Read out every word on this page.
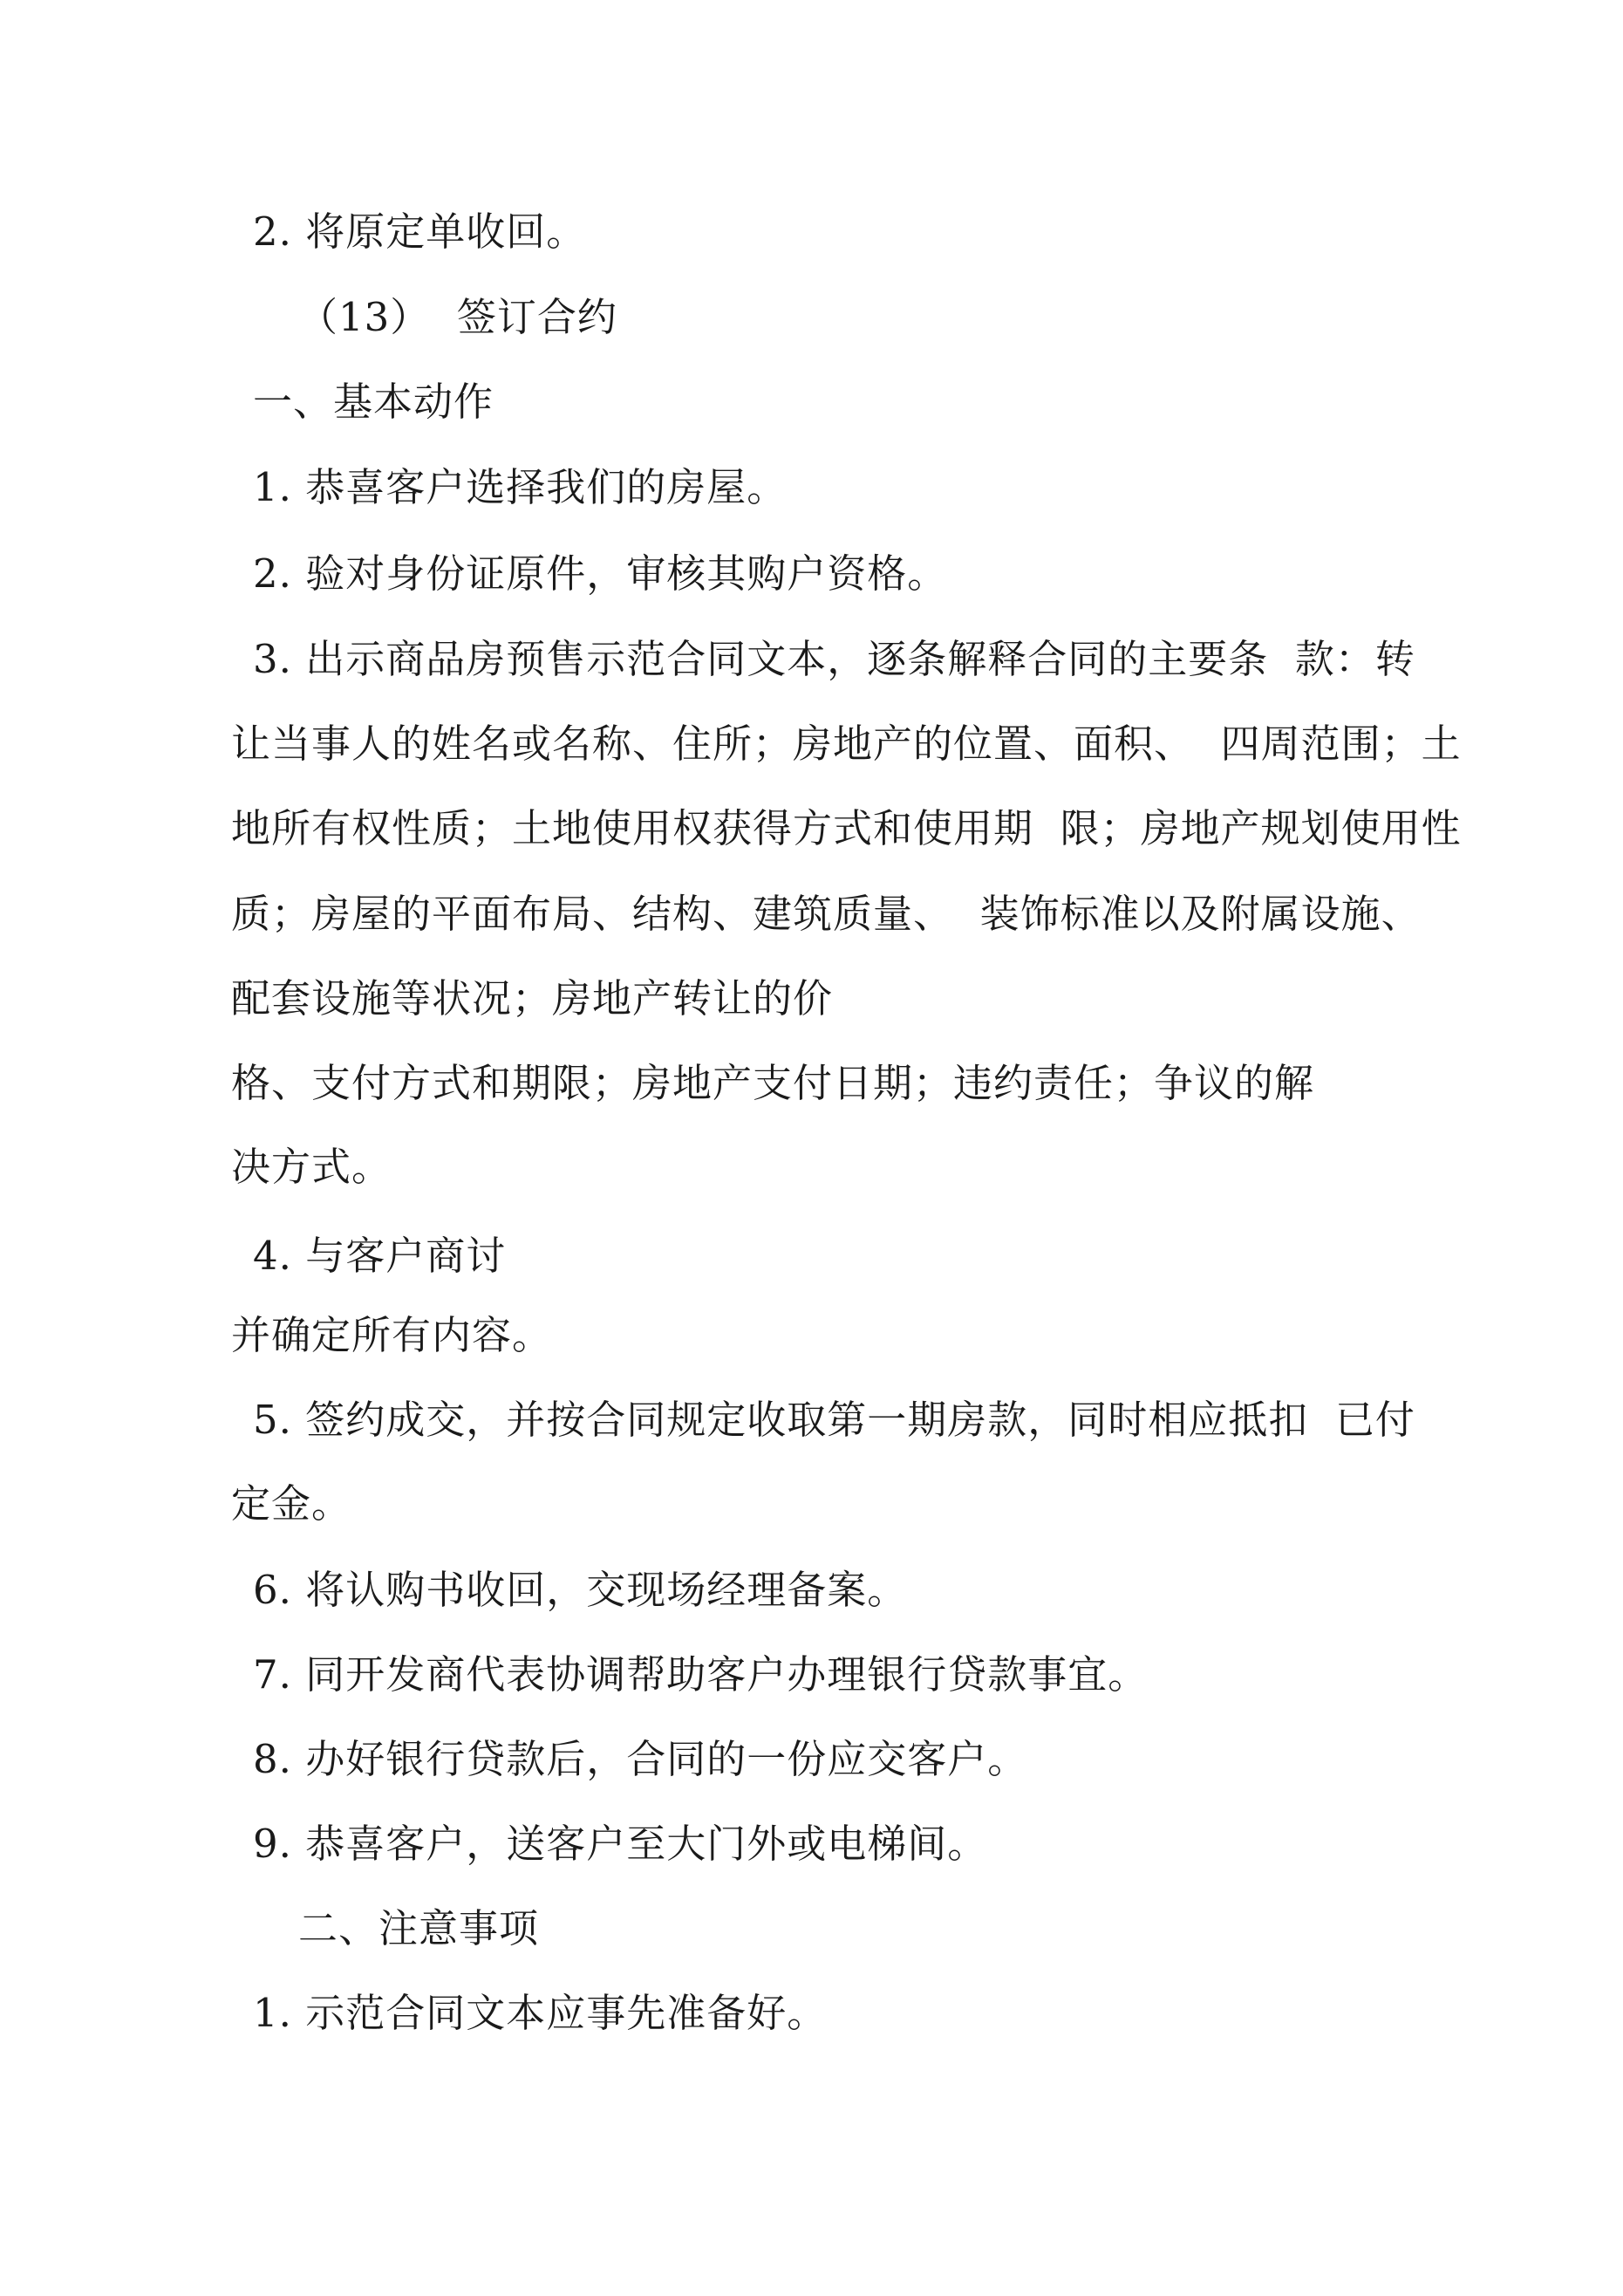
2. 将原定单收回。
（13）  签订合约
一、基本动作
1. 恭喜客户选择我们的房屋。
2. 验对身份证原件，审核其购户资格。
3. 出示商品房预售示范合同文本，逐条解释合同的主要条  款：转
让当事人的姓名或名称、住所；房地产的位置、面积、  四周范围；土
地所有权性质；土地使用权获得方式和使用期  限；房地产规划使用性
质；房屋的平面布局、结构、建筑质量、  装饰标准以及附属设施、
配套设施等状况；房地产转让的价
格、支付方式和期限；房地产支付日期；违约责任；争议的解
决方式。
4. 与客户商讨
并确定所有内容。
5. 签约成交，并按合同规定收取第一期房款，同时相应抵扣  已付
定金。
6. 将认购书收回，交现场经理备案。
7. 同开发商代表协调帮助客户办理银行贷款事宜。
8. 办好银行贷款后，合同的一份应交客户。
9. 恭喜客户，送客户至大门外或电梯间。
二、注意事项
1. 示范合同文本应事先准备好。
